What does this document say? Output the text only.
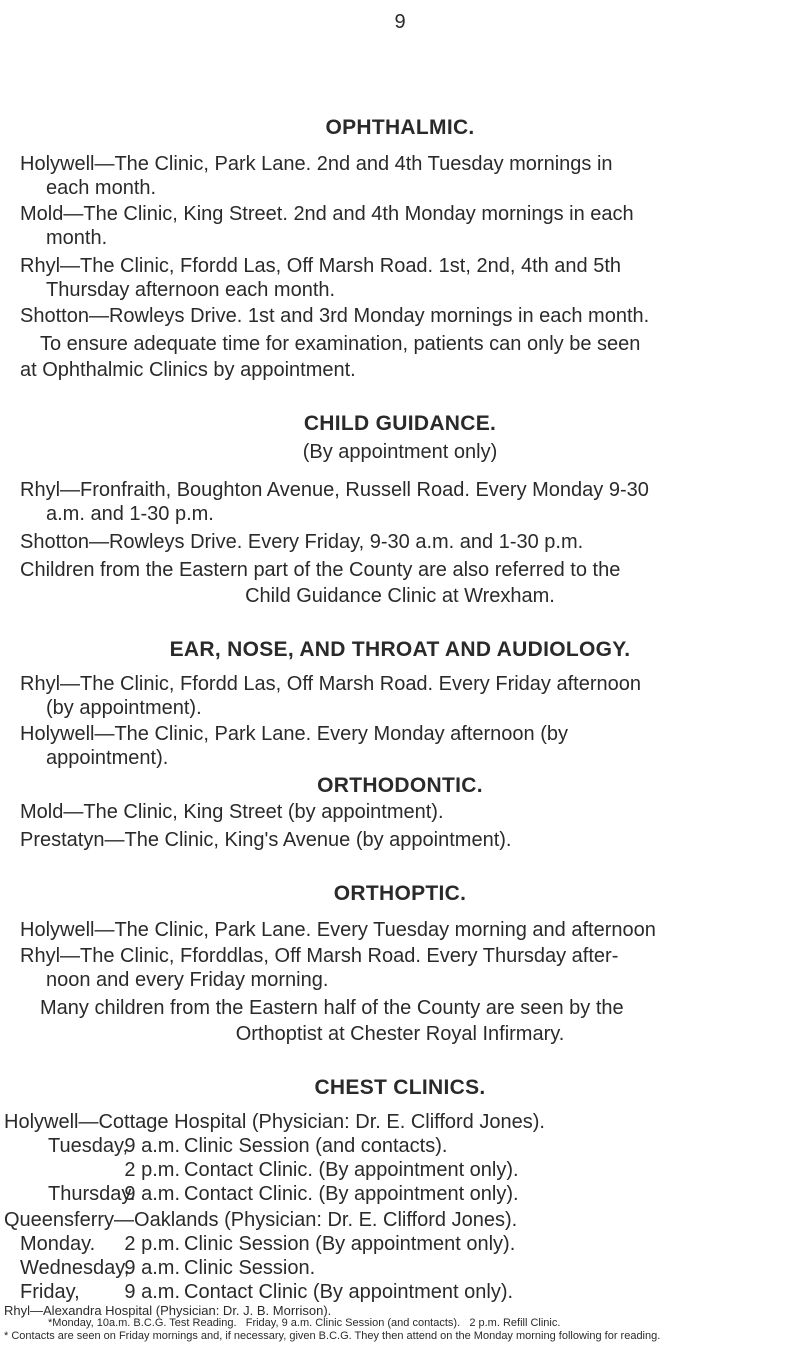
9
OPHTHALMIC.
Holywell—The Clinic, Park Lane. 2nd and 4th Tuesday mornings in
each month.
Mold—The Clinic, King Street. 2nd and 4th Monday mornings in each
month.
Rhyl—The Clinic, Ffordd Las, Off Marsh Road. 1st, 2nd, 4th and 5th
Thursday afternoon each month.
Shotton—Rowleys Drive. 1st and 3rd Monday mornings in each month.
To ensure adequate time for examination, patients can only be seen
at Ophthalmic Clinics by appointment.
CHILD GUIDANCE.
(By appointment only)
Rhyl—Fronfraith, Boughton Avenue, Russell Road. Every Monday 9-30
a.m. and 1-30 p.m.
Shotton—Rowleys Drive. Every Friday, 9-30 a.m. and 1-30 p.m.
Children from the Eastern part of the County are also referred to the
Child Guidance Clinic at Wrexham.
EAR, NOSE, AND THROAT AND AUDIOLOGY.
Rhyl—The Clinic, Ffordd Las, Off Marsh Road. Every Friday afternoon
(by appointment).
Holywell—The Clinic, Park Lane. Every Monday afternoon (by
appointment).
ORTHODONTIC.
Mold—The Clinic, King Street (by appointment).
Prestatyn—The Clinic, King's Avenue (by appointment).
ORTHOPTIC.
Holywell—The Clinic, Park Lane. Every Tuesday morning and afternoon
Rhyl—The Clinic, Fforddlas, Off Marsh Road. Every Thursday after-
noon and every Friday morning.
Many children from the Eastern half of the County are seen by the
Orthoptist at Chester Royal Infirmary.
CHEST CLINICS.
Holywell—Cottage Hospital (Physician: Dr. E. Clifford Jones).
Tuesday,
9 a.m. Clinic Session (and contacts).
2 p.m. Contact Clinic. (By appointment only).
Thursday.
9 a.m. Contact Clinic. (By appointment only).
Queensferry—Oaklands (Physician: Dr. E. Clifford Jones).
Monday. 2 p.m. Clinic Session (By appointment only).
Wednesday,
9 a.m. Clinic Session.
Friday, 9 a.m. Contact Clinic (By appointment only).
Rhyl—Alexandra Hospital (Physician: Dr. J. B. Morrison).
*Monday, 10a.m. B.C.G. Test Reading. Friday, 9 a.m. Clinic Session (and contacts). 2 p.m. Refill Clinic.
* Contacts are seen on Friday mornings and, if necessary, given B.C.G. They then attend on the Monday morning following for reading.
